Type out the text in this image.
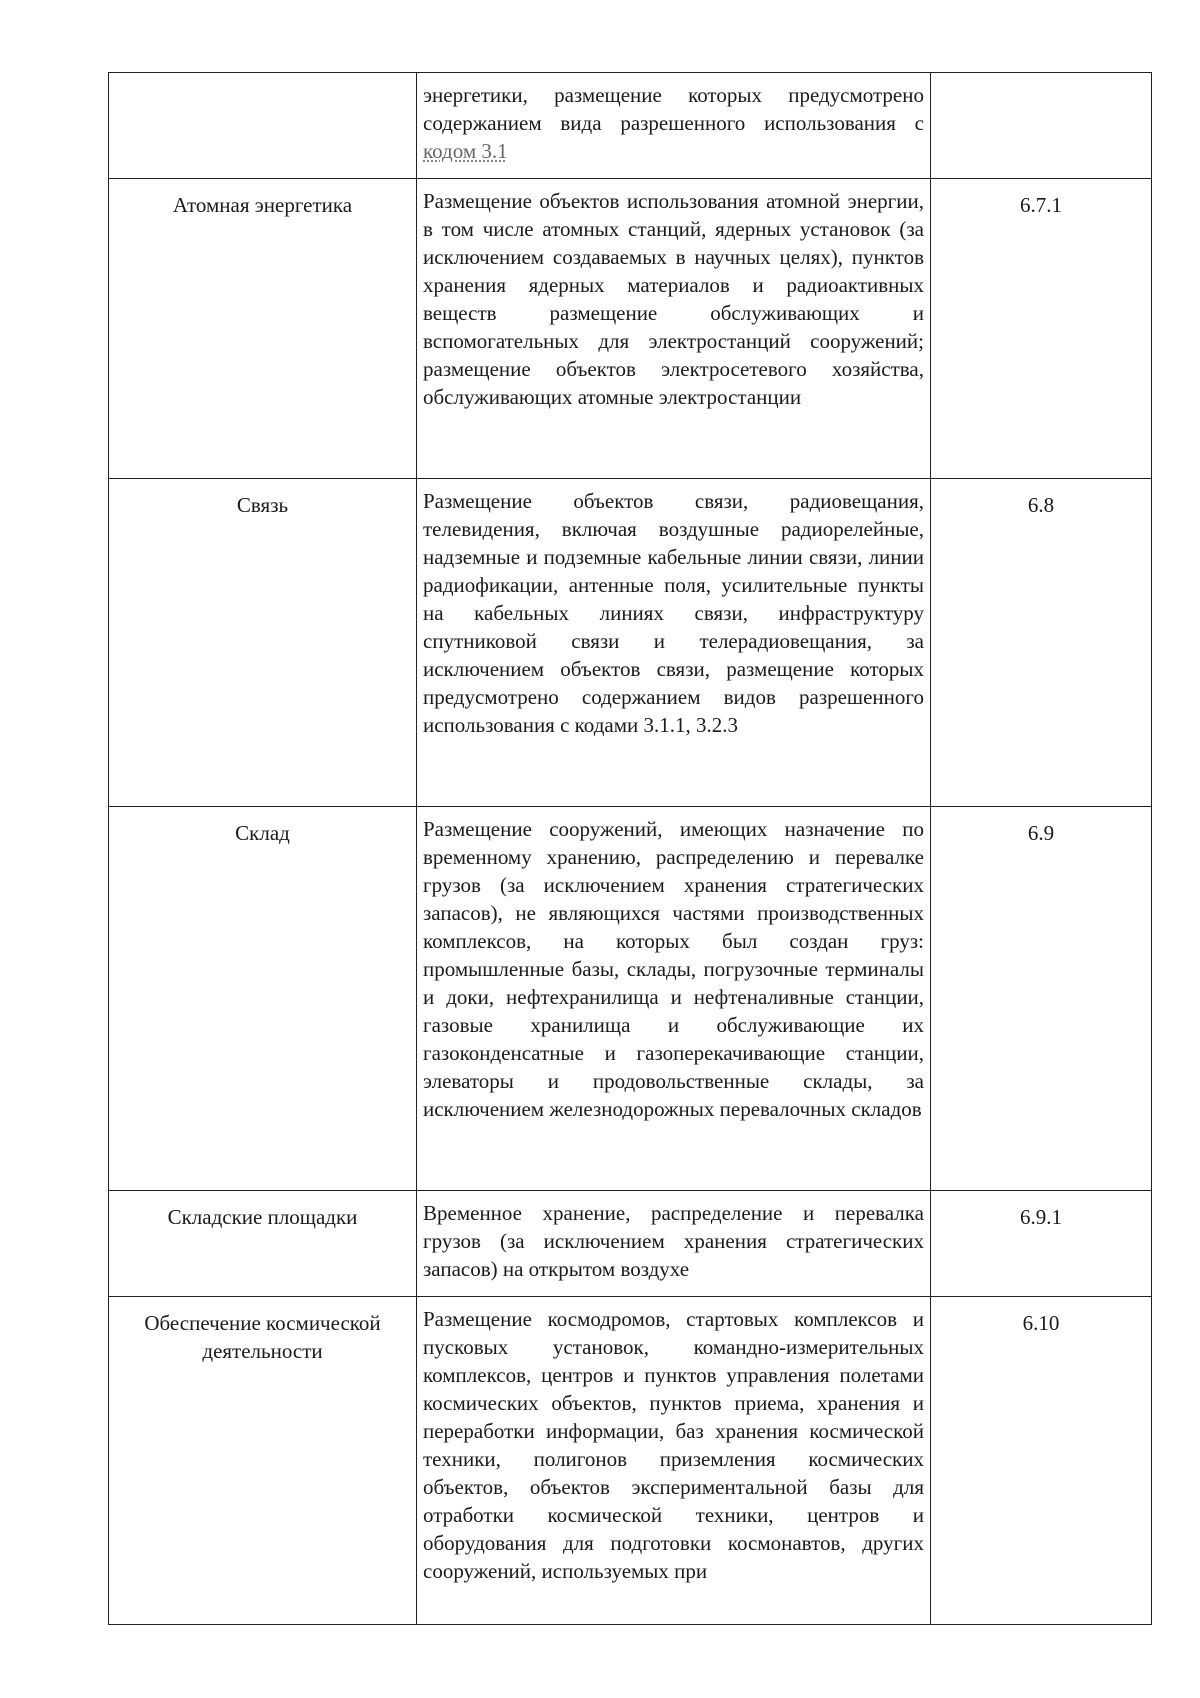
	энергетики, размещение которых предусмотрено содержанием вида разрешенного использования с кодом 3.1	
Атомная энергетика	Размещение объектов использования атомной энергии, в том числе атомных станций, ядерных установок (за исключением создаваемых в научных целях), пунктов хранения ядерных материалов и радиоактивных веществ размещение обслуживающих и вспомогательных для электростанций сооружений; размещение объектов электросетевого хозяйства, обслуживающих атомные электростанции	6.7.1
Связь	Размещение объектов связи, радиовещания, телевидения, включая воздушные радиорелейные, надземные и подземные кабельные линии связи, линии радиофикации, антенные поля, усилительные пункты на кабельных линиях связи, инфраструктуру спутниковой связи и телерадиовещания, за исключением объектов связи, размещение которых предусмотрено содержанием видов разрешенного использования с кодами 3.1.1, 3.2.3	6.8
Склад	Размещение сооружений, имеющих назначение по временному хранению, распределению и перевалке грузов (за исключением хранения стратегических запасов), не являющихся частями производственных комплексов, на которых был создан груз: промышленные базы, склады, погрузочные терминалы и доки, нефтехранилища и нефтеналивные станции, газовые хранилища и обслуживающие их газоконденсатные и газоперекачивающие станции, элеваторы и продовольственные склады, за исключением железнодорожных перевалочных складов	6.9
Складские площадки	Временное хранение, распределение и перевалка грузов (за исключением хранения стратегических запасов) на открытом воздухе	6.9.1
Обеспечение космической деятельности	Размещение космодромов, стартовых комплексов и пусковых установок, командно-измерительных комплексов, центров и пунктов управления полетами космических объектов, пунктов приема, хранения и переработки информации, баз хранения космической техники, полигонов приземления космических объектов, объектов экспериментальной базы для отработки космической техники, центров и оборудования для подготовки космонавтов, других сооружений, используемых при	6.10
